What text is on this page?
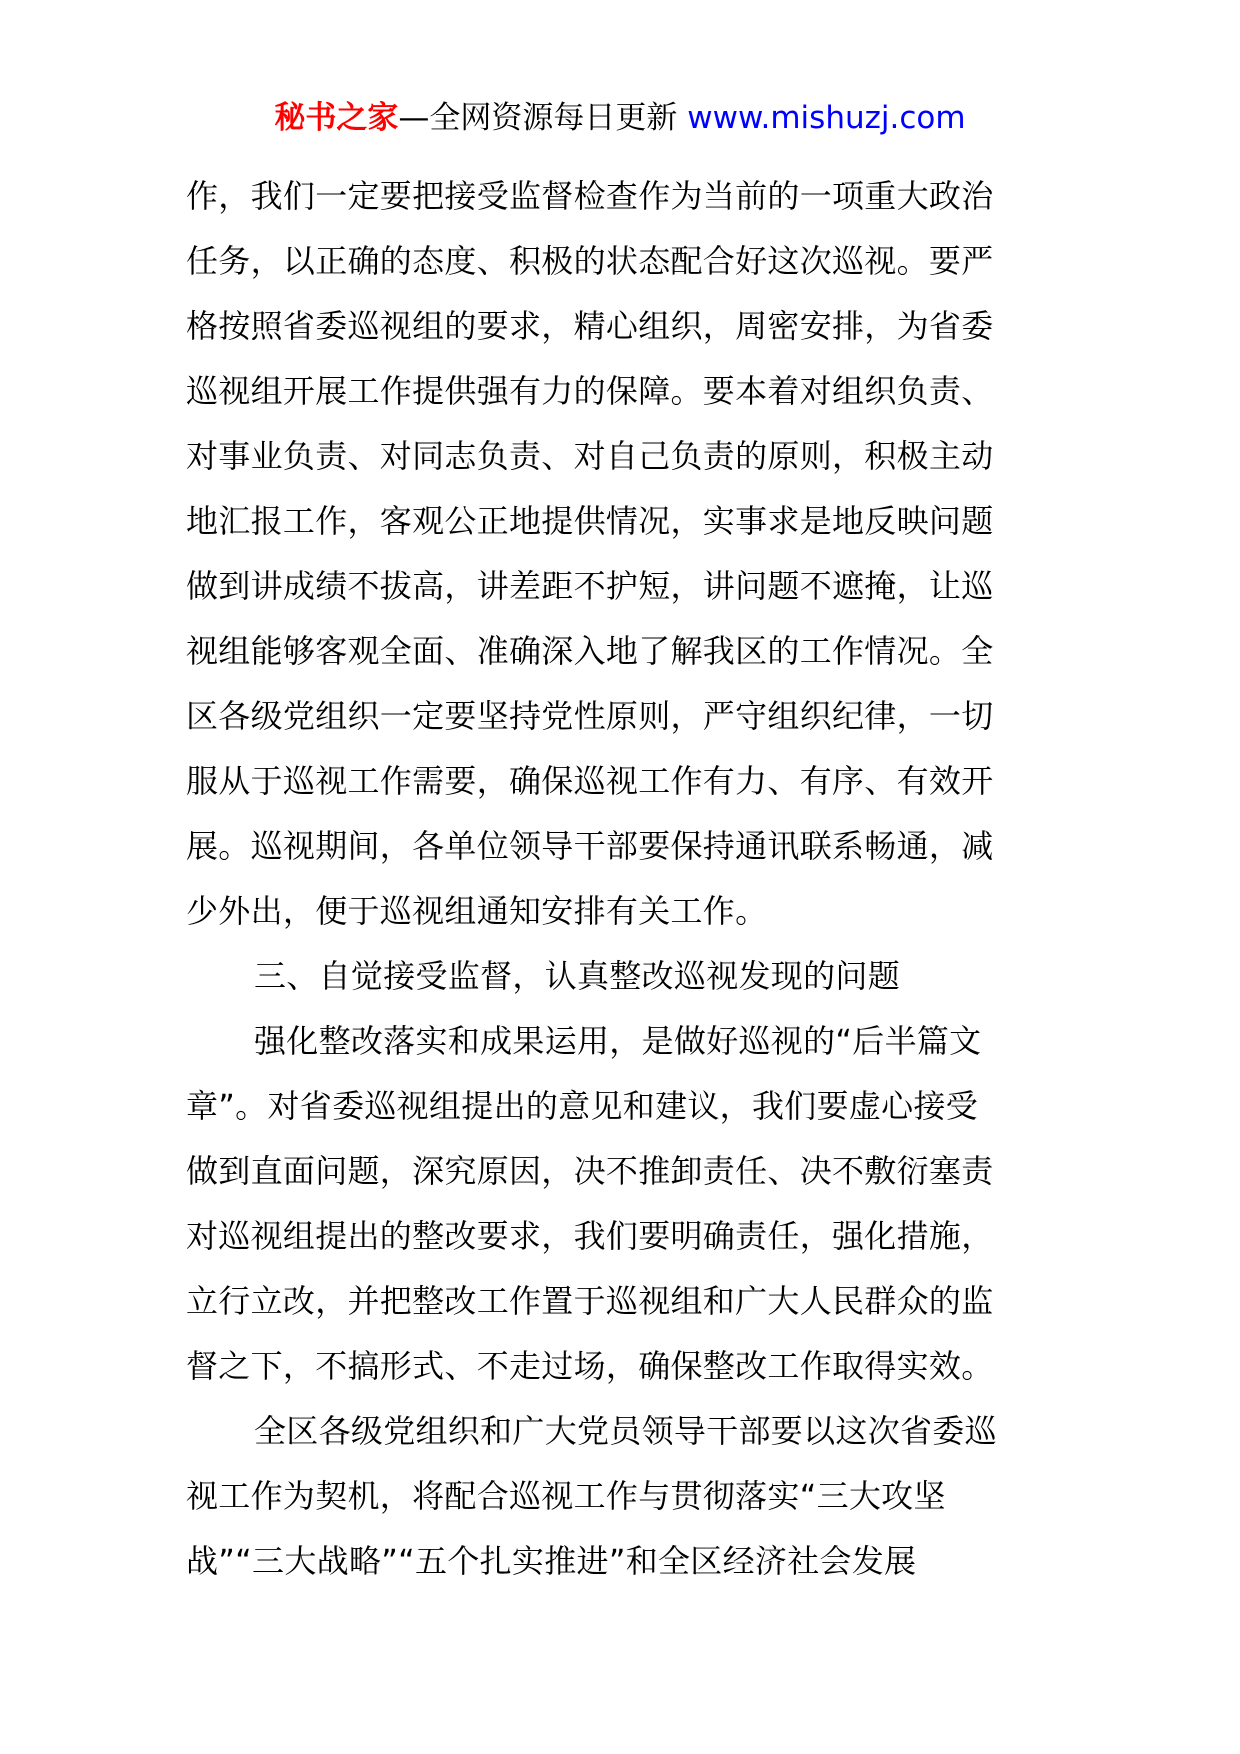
秘书之家—全网资源每日更新 www.mishuzj.com
作，我们一定要把接受监督检查作为当前的一项重大政治
任务，以正确的态度、积极的状态配合好这次巡视。要严
格按照省委巡视组的要求，精心组织，周密安排，为省委
巡视组开展工作提供强有力的保障。要本着对组织负责、
对事业负责、对同志负责、对自己负责的原则，积极主动
地汇报工作，客观公正地提供情况，实事求是地反映问题
做到讲成绩不拔高，讲差距不护短，讲问题不遮掩，让巡
视组能够客观全面、准确深入地了解我区的工作情况。全
区各级党组织一定要坚持党性原则，严守组织纪律，一切
服从于巡视工作需要，确保巡视工作有力、有序、有效开
展。巡视期间，各单位领导干部要保持通讯联系畅通，减
少外出，便于巡视组通知安排有关工作。
三、自觉接受监督，认真整改巡视发现的问题
强化整改落实和成果运用，是做好巡视的“后半篇文
章”。对省委巡视组提出的意见和建议，我们要虚心接受
做到直面问题，深究原因，决不推卸责任、决不敷衍塞责
对巡视组提出的整改要求，我们要明确责任，强化措施，
立行立改，并把整改工作置于巡视组和广大人民群众的监
督之下，不搞形式、不走过场，确保整改工作取得实效。
全区各级党组织和广大党员领导干部要以这次省委巡
视工作为契机，将配合巡视工作与贯彻落实“三大攻坚
战”“三大战略”“五个扎实推进”和全区经济社会发展
